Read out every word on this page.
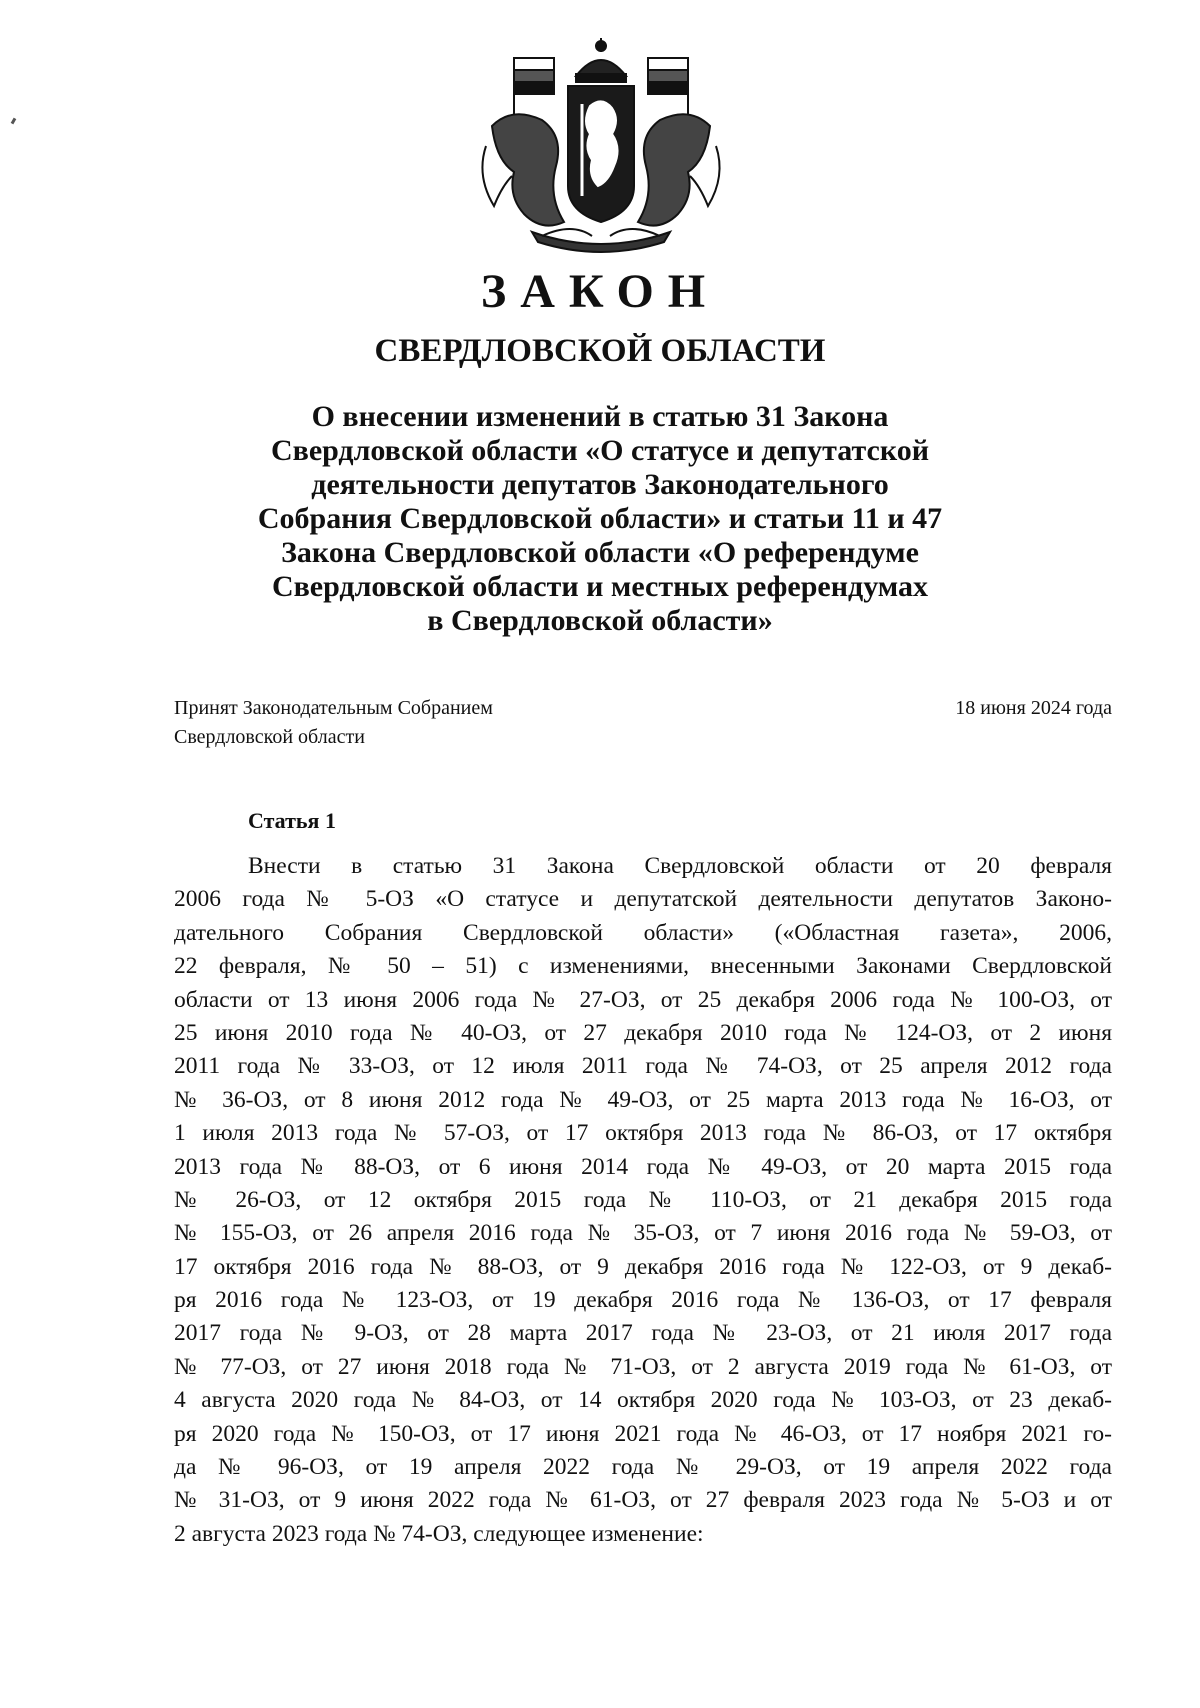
ЗАКОН
СВЕРДЛОВСКОЙ ОБЛАСТИ
О внесении изменений в статью 31 Закона
Свердловской области «О статусе и депутатской
деятельности депутатов Законодательного
Собрания Свердловской области» и статьи 11 и 47
Закона Свердловской области «О референдуме
Свердловской области и местных референдумах
в Свердловской области»
Принят Законодательным Собранием
Свердловской области
18 июня 2024 года
Статья 1
Внести в статью 31 Закона Свердловской области от 20 февраля
2006 года № 5-ОЗ «О статусе и депутатской деятельности депутатов Законо-
дательного Собрания Свердловской области» («Областная газета», 2006,
22 февраля, № 50 – 51) с изменениями, внесенными Законами Свердловской
области от 13 июня 2006 года № 27-ОЗ, от 25 декабря 2006 года № 100-ОЗ, от
25 июня 2010 года № 40-ОЗ, от 27 декабря 2010 года № 124-ОЗ, от 2 июня
2011 года № 33-ОЗ, от 12 июля 2011 года № 74-ОЗ, от 25 апреля 2012 года
№ 36-ОЗ, от 8 июня 2012 года № 49-ОЗ, от 25 марта 2013 года № 16-ОЗ, от
1 июля 2013 года № 57-ОЗ, от 17 октября 2013 года № 86-ОЗ, от 17 октября
2013 года № 88-ОЗ, от 6 июня 2014 года № 49-ОЗ, от 20 марта 2015 года
№ 26-ОЗ, от 12 октября 2015 года № 110-ОЗ, от 21 декабря 2015 года
№ 155-ОЗ, от 26 апреля 2016 года № 35-ОЗ, от 7 июня 2016 года № 59-ОЗ, от
17 октября 2016 года № 88-ОЗ, от 9 декабря 2016 года № 122-ОЗ, от 9 декаб-
ря 2016 года № 123-ОЗ, от 19 декабря 2016 года № 136-ОЗ, от 17 февраля
2017 года № 9-ОЗ, от 28 марта 2017 года № 23-ОЗ, от 21 июля 2017 года
№ 77-ОЗ, от 27 июня 2018 года № 71-ОЗ, от 2 августа 2019 года № 61-ОЗ, от
4 августа 2020 года № 84-ОЗ, от 14 октября 2020 года № 103-ОЗ, от 23 декаб-
ря 2020 года № 150-ОЗ, от 17 июня 2021 года № 46-ОЗ, от 17 ноября 2021 го-
да № 96-ОЗ, от 19 апреля 2022 года № 29-ОЗ, от 19 апреля 2022 года
№ 31-ОЗ, от 9 июня 2022 года № 61-ОЗ, от 27 февраля 2023 года № 5-ОЗ и от
2 августа 2023 года № 74-ОЗ, следующее изменение:
